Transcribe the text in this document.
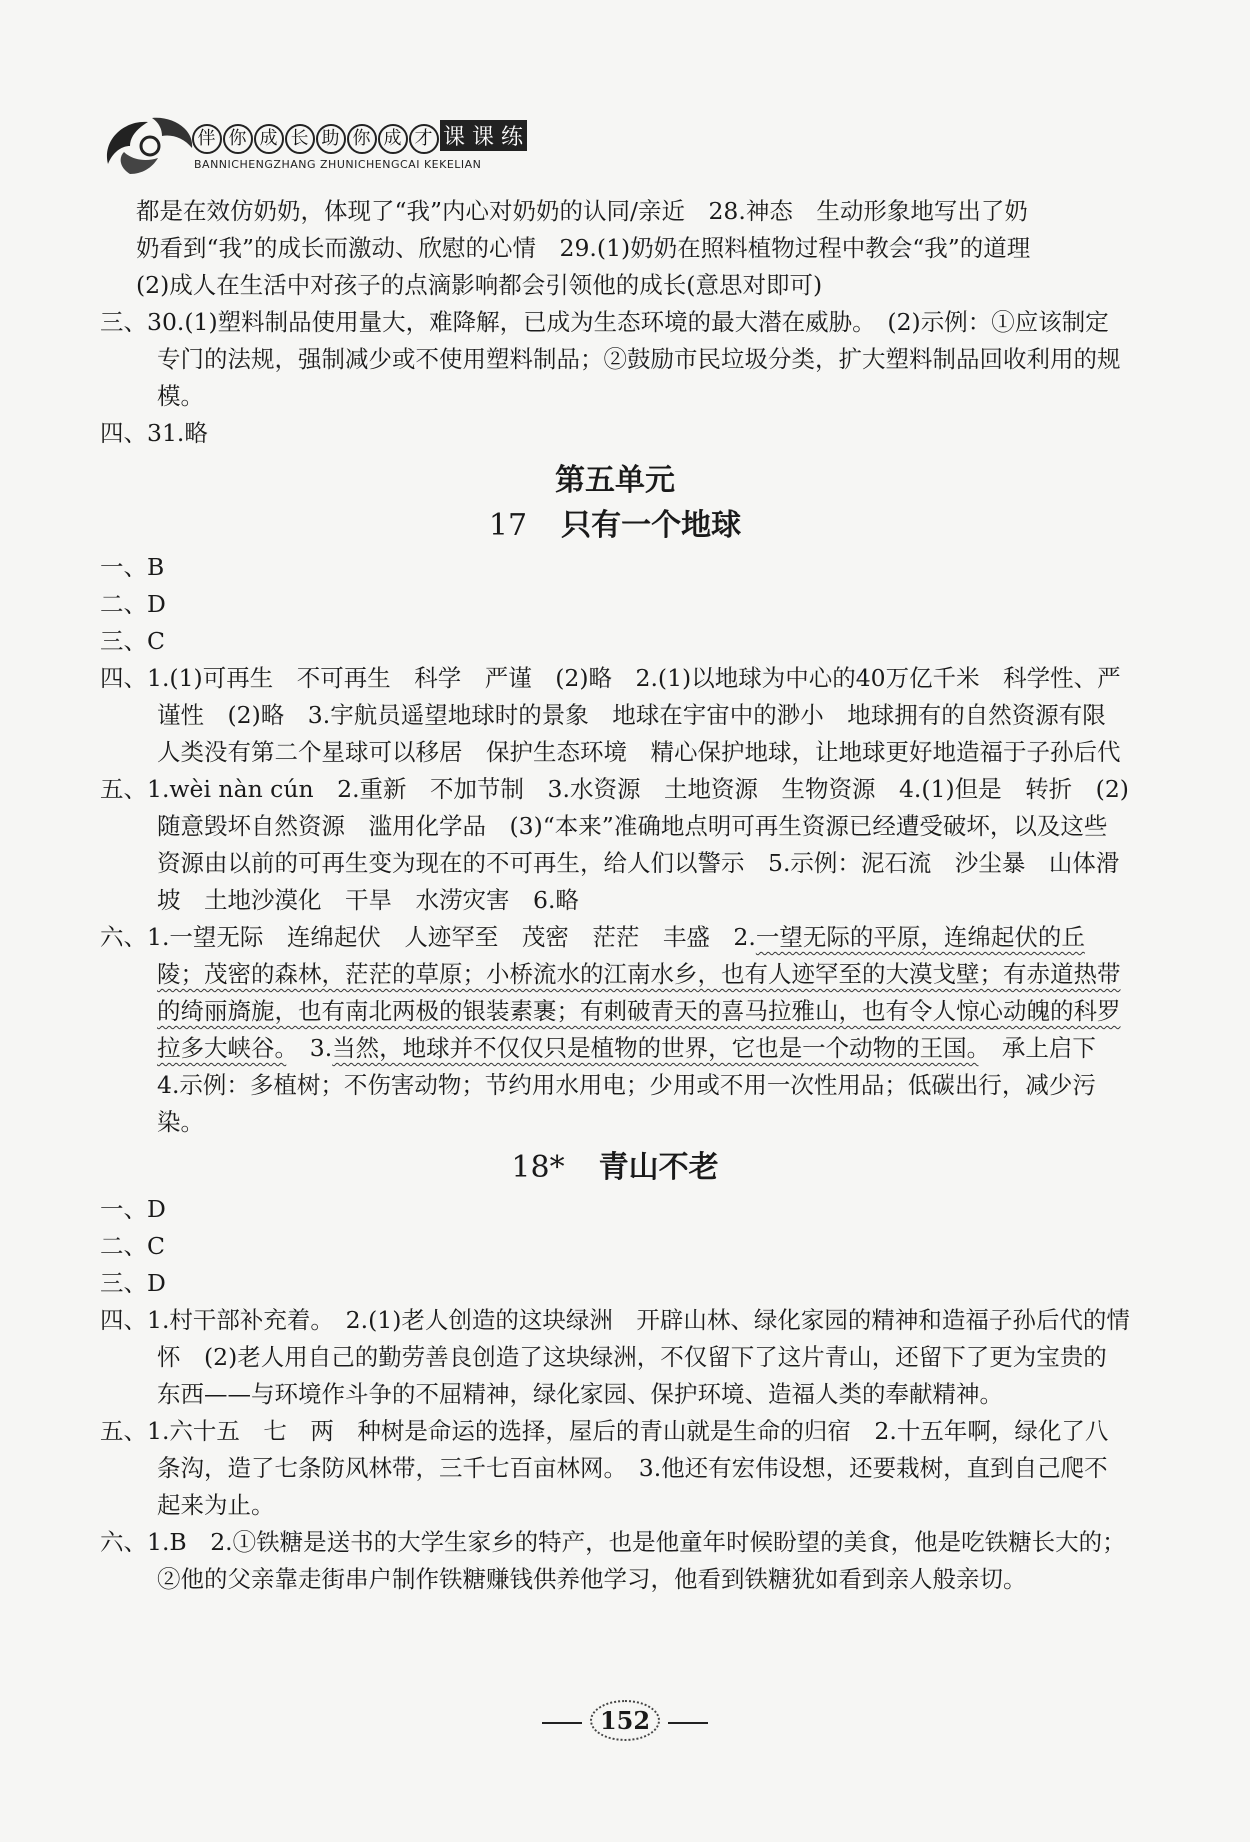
伴 你 成 长 助 你 成 才 课 课 练
BANNICHENGZHANG ZHUNICHENGCAI KEKELIAN

都是在效仿奶奶，体现了“我”内心对奶奶的认同/亲近　28.神态　生动形象地写出了奶

奶看到“我”的成长而激动、欣慰的心情　29.(1)奶奶在照料植物过程中教会“我”的道理

(2)成人在生活中对孩子的点滴影响都会引领他的成长(意思对即可)

三、30.(1)塑料制品使用量大，难降解，已成为生态环境的最大潜在威胁。　(2)示例：①应该制定专门的法规，强制减少或不使用塑料制品；②鼓励市民垃圾分类，扩大塑料制品回收利用的规模。

四、31.略

第五单元
17 只有一个地球

一、B

二、D

三、C

四、1.(1)可再生　不可再生　科学　严谨　(2)略　2.(1)以地球为中心的40万亿千米　科学性、严谨性　(2)略　3.宇航员遥望地球时的景象　地球在宇宙中的渺小　地球拥有的自然资源有限　人类没有第二个星球可以移居　保护生态环境　精心保护地球，让地球更好地造福于子孙后代

五、1.wèi nàn cún　2.重新　不加节制　3.水资源　土地资源　生物资源　4.(1)但是　转折　(2)随意毁坏自然资源　滥用化学品　(3)“本来”准确地点明可再生资源已经遭受破坏，以及这些资源由以前的可再生变为现在的不可再生，给人们以警示　5.示例：泥石流　沙尘暴　山体滑坡　土地沙漠化　干旱　水涝灾害　6.略

六、1.一望无际　连绵起伏　人迹罕至　茂密　茫茫　丰盛　2.一望无际的平原，连绵起伏的丘陵；茂密的森林，茫茫的草原；小桥流水的江南水乡，也有人迹罕至的大漠戈壁；有赤道热带的绮丽旖旎，也有南北两极的银装素裹；有刺破青天的喜马拉雅山，也有令人惊心动魄的科罗拉多大峡谷。　3.当然，地球并不仅仅只是植物的世界，它也是一个动物的王国。　承上启下　4.示例：多植树；不伤害动物；节约用水用电；少用或不用一次性用品；低碳出行，减少污染。

18* 青山不老

一、D

二、C

三、D

四、1.村干部补充着。　2.(1)老人创造的这块绿洲　开辟山林、绿化家园的精神和造福子孙后代的情怀　(2)老人用自己的勤劳善良创造了这块绿洲，不仅留下了这片青山，还留下了更为宝贵的东西——与环境作斗争的不屈精神，绿化家园、保护环境、造福人类的奉献精神。

五、1.六十五　七　两　种树是命运的选择，屋后的青山就是生命的归宿　2.十五年啊，绿化了八条沟，造了七条防风林带，三千七百亩林网。　3.他还有宏伟设想，还要栽树，直到自己爬不起来为止。

六、1.B　2.①铁糖是送书的大学生家乡的特产，也是他童年时候盼望的美食，他是吃铁糖长大的；②他的父亲靠走街串户制作铁糖赚钱供养他学习，他看到铁糖犹如看到亲人般亲切。

152
